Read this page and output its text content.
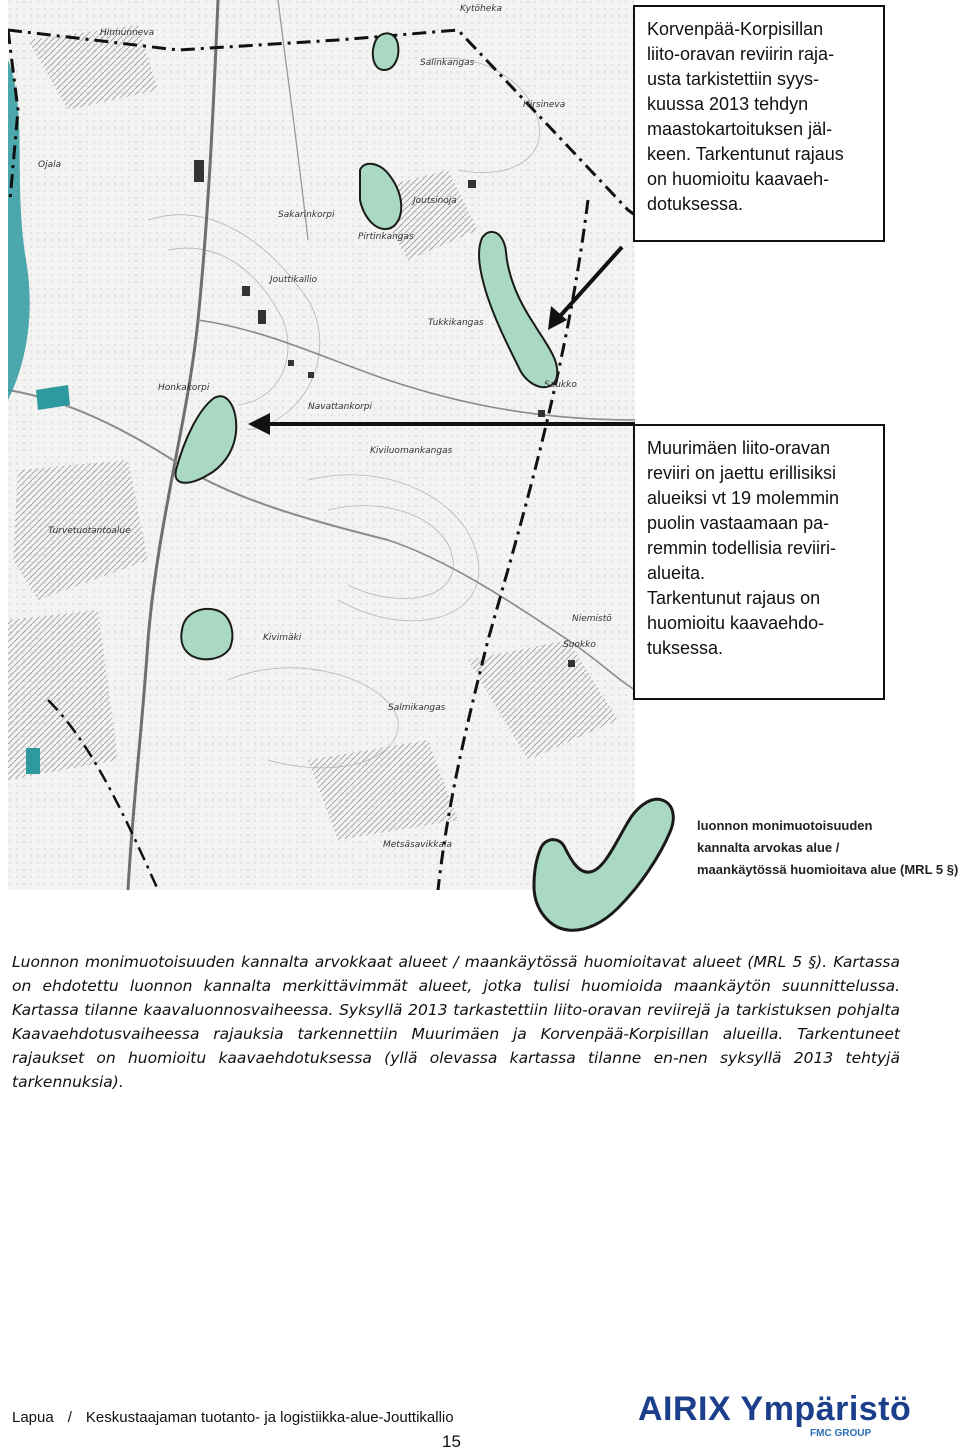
Kytöheka
Hinnunneva
Salinkangas
Hirsineva
Ojala
Sakarinkorpi
Joutsinoja
Pirtinkangas
Jouttikallio
Tukkikangas
Saukko
Navattankorpi
Kiviluomankangas
Turvetuotantoalue
Kivimäki
Suokko
Salmikangas
Metsäsavikkala
Niemistö
Honkakorpi

Korvenpää-Korpisillan

liito-oravan reviirin raja-

usta tarkistettiin syys-

kuussa 2013 tehdyn

maastokartoituksen jäl-

keen. Tarkentunut rajaus

on huomioitu kaavaeh-

dotuksessa.

Muurimäen liito-oravan

reviiri on jaettu erillisiksi

alueiksi vt 19 molemmin

puolin vastaamaan pa-

remmin todellisia reviiri-

alueita.

Tarkentunut rajaus on

huomioitu kaavaehdo-

tuksessa.

luonnon monimuotoisuuden
kannalta arvokas alue /
maankäytössä huomioitava alue (MRL 5 §)
Luonnon monimuotoisuuden kannalta arvokkaat alueet / maankäytössä huomioitavat alueet (MRL 5 §). Kartassa on ehdotettu luonnon kannalta merkittävimmät alueet, jotka tulisi huomioida maankäytön suunnittelussa. Kartassa tilanne kaavaluonnosvaiheessa. Syksyllä 2013 tarkastettiin liito-oravan reviirejä ja tarkistuksen pohjalta Kaavaehdotusvaiheessa rajauksia tarkennettiin Muurimäen ja Korvenpää-Korpisillan alueilla. Tarkentuneet rajaukset on huomioitu kaavaehdotuksessa (yllä olevassa kartassa tilanne en-nen syksyllä 2013 tehtyjä tarkennuksia).
Lapua / Keskustaajaman tuotanto- ja logistiikka-alue-Jouttikallio
15
AIRIX Ympäristö
FMC GROUP
